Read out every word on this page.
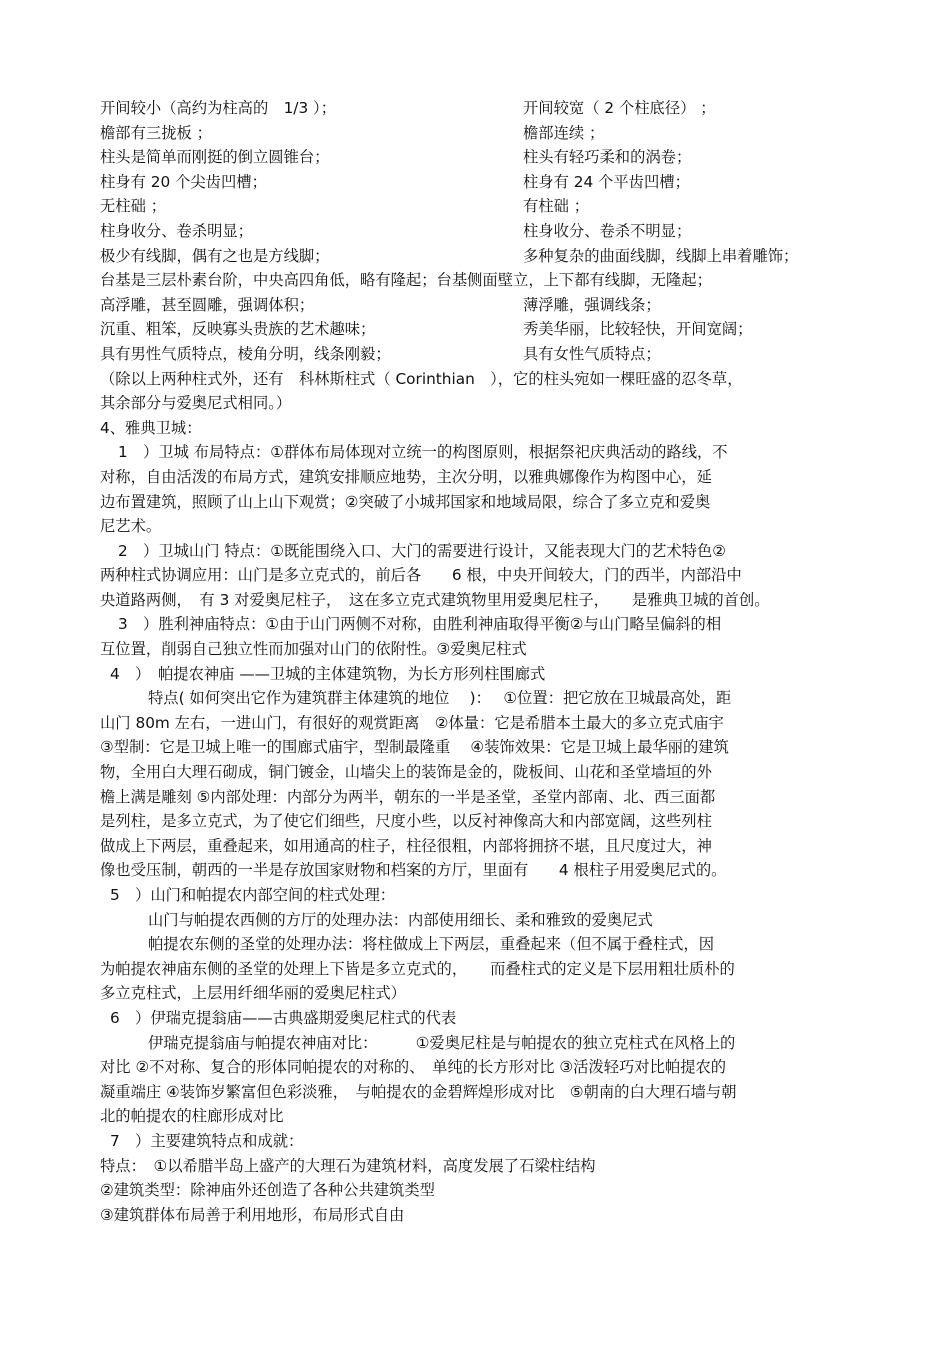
开间较小（高约为柱高的　1/3 ）；	开间较宽（ 2 个柱底径） ；
檐部有三拢板 ；	檐部连续 ；
柱头是简单而刚挺的倒立圆锥台；	柱头有轻巧柔和的涡卷；
柱身有 20 个尖齿凹槽；	柱身有 24 个平齿凹槽；
无柱础 ；	有柱础 ；
柱身收分、卷杀明显；	柱身收分、卷杀不明显；
极少有线脚，偶有之也是方线脚；	多种复杂的曲面线脚，线脚上串着雕饰；
台基是三层朴素台阶，中央高四角低，略有隆起；台基侧面壁立，上下都有线脚，无隆起；
高浮雕，甚至圆雕，强调体积；	薄浮雕，强调线条；
沉重、粗笨，反映寡头贵族的艺术趣味；	秀美华丽，比较轻快，开间宽阔；
具有男性气质特点，棱角分明，线条刚毅；	具有女性气质特点；
（除以上两种柱式外，还有　科林斯柱式（ Corinthian　），它的柱头宛如一棵旺盛的忍冬草，
其余部分与爱奥尼式相同。）
4、雅典卫城：
1　）卫城 布局特点：①群体布局体现对立统一的构图原则，根据祭祀庆典活动的路线，不
对称，自由活泼的布局方式，建筑安排顺应地势，主次分明，以雅典娜像作为构图中心，延
边布置建筑，照顾了山上山下观赏；②突破了小城邦国家和地域局限，综合了多立克和爱奥
尼艺术。
2　）卫城山门 特点：①既能围绕入口、大门的需要进行设计，又能表现大门的艺术特色②
两种柱式协调应用：山门是多立克式的，前后各　　6 根，中央开间较大，门的西半，内部沿中
央道路两侧，　有 3 对爱奥尼柱子，　这在多立克式建筑物里用爱奥尼柱子，　　是雅典卫城的首创。
3　）胜利神庙特点：①由于山门两侧不对称，由胜利神庙取得平衡②与山门略呈偏斜的相
互位置，削弱自己独立性而加强对山门的依附性。③爱奥尼柱式
4　）　帕提农神庙 ——卫城的主体建筑物，为长方形列柱围廊式
特点( 如何突出它作为建筑群主体建筑的地位　 )：　 ①位置：把它放在卫城最高处，距
山门 80m 左右，一进山门，有很好的观赏距离　②体量：它是希腊本土最大的多立克式庙宇
③型制：它是卫城上唯一的围廊式庙宇，型制最隆重　 ④装饰效果：它是卫城上最华丽的建筑
物，全用白大理石砌成，铜门镀金，山墙尖上的装饰是金的，陇板间、山花和圣堂墙垣的外
檐上满是雕刻 ⑤内部处理：内部分为两半，朝东的一半是圣堂，圣堂内部南、北、西三面都
是列柱，是多立克式，为了使它们细些，尺度小些，以反衬神像高大和内部宽阔，这些列柱
做成上下两层，重叠起来，如用通高的柱子，柱径很粗，内部将拥挤不堪，且尺度过大，神
像也受压制，朝西的一半是存放国家财物和档案的方厅，里面有　　4 根柱子用爱奥尼式的。
5　）山门和帕提农内部空间的柱式处理：
山门与帕提农西侧的方厅的处理办法：内部使用细长、柔和雅致的爱奥尼式
帕提农东侧的圣堂的处理办法：将柱做成上下两层，重叠起来（但不属于叠柱式，因
为帕提农神庙东侧的圣堂的处理上下皆是多立克式的，　　而叠柱式的定义是下层用粗壮质朴的
多立克柱式，上层用纤细华丽的爱奥尼柱式）
6　）伊瑞克提翁庙——古典盛期爱奥尼柱式的代表
伊瑞克提翁庙与帕提农神庙对比：　　　①爱奥尼柱是与帕提农的独立克柱式在风格上的
对比 ②不对称、复合的形体同帕提农的对称的、　单纯的长方形对比 ③活泼轻巧对比帕提农的
凝重端庄 ④装饰岁繁富但色彩淡雅，　与帕提农的金碧辉煌形成对比　⑤朝南的白大理石墙与朝
北的帕提农的柱廊形成对比
7　）主要建筑特点和成就：
特点：　①以希腊半岛上盛产的大理石为建筑材料，高度发展了石梁柱结构
②建筑类型：除神庙外还创造了各种公共建筑类型
③建筑群体布局善于利用地形，布局形式自由
